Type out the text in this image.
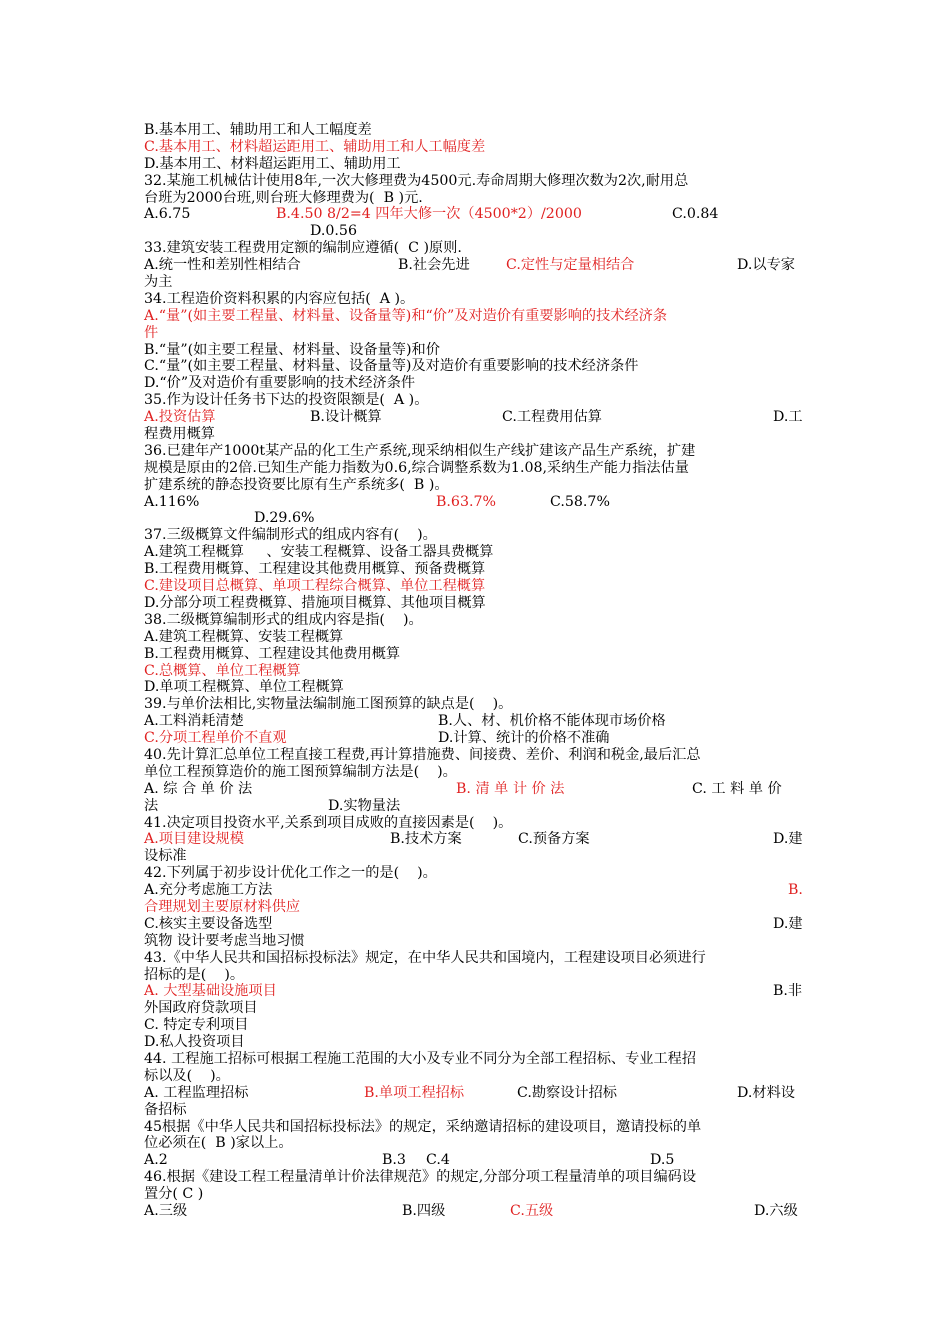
B.基本用工、辅助用工和人工幅度差
C.基本用工、材料超运距用工、辅助用工和人工幅度差
D.基本用工、材料超运距用工、辅助用工
32.某施工机械估计使用8年,一次大修理费为4500元.寿命周期大修理次数为2次,耐用总
台班为2000台班,则台班大修理费为(  B )元.

A.6.75

	B.4.50 8/2=4 四年大修一次（4500*2）/2000

	C.0.84

D.0.56

33.建筑安装工程费用定额的编制应遵循(  C )原则.

A.统一性和差别性相结合

	B.社会先进

	C.定性与定量相结合

	D.以专家

为主
34.工程造价资料积累的内容应包括(  A )。
A.“量”(如主要工程量、材料量、设备量等)和“价”及对造价有重要影响的技术经济条
件
B.“量”(如主要工程量、材料量、设备量等)和价
C.“量”(如主要工程量、材料量、设备量等)及对造价有重要影响的技术经济条件
D.“价”及对造价有重要影响的技术经济条件
35.作为设计任务书下达的投资限额是(  A )。

A.投资估算

	B.设计概算

	C.工程费用估算

	D.工

程费用概算
36.已建年产1000t某产品的化工生产系统,现采纳相似生产线扩建该产品生产系统，扩建
规模是原由的2倍.已知生产能力指数为0.6,综合调整系数为1.08,采纳生产能力指法估量
扩建系统的静态投资要比原有生产系统多(  B )。

A.116%

	B.63.7%

	C.58.7%

D.29.6%

37.三级概算文件编制形式的组成内容有(    )。
A.建筑工程概算     、安装工程概算、设备工器具费概算
B.工程费用概算、工程建设其他费用概算、预备费概算
C.建设项目总概算、单项工程综合概算、单位工程概算
D.分部分项工程费概算、措施项目概算、其他项目概算
38.二级概算编制形式的组成内容是指(    )。
A.建筑工程概算、安装工程概算
B.工程费用概算、工程建设其他费用概算
C.总概算、单位工程概算
D.单项工程概算、单位工程概算
39.与单价法相比,实物量法编制施工图预算的缺点是(    )。

A.工料消耗清楚

	B.人、材、机价格不能体现市场价格

C.分项工程单价不直观

	D.计算、统计的价格不准确

40.先计算汇总单位工程直接工程费,再计算措施费、间接费、差价、利润和税金,最后汇总
单位工程预算造价的施工图预算编制方法是(    )。

A. 综 合 单 价 法

	B. 清 单 计 价 法

	C. 工 料 单 价

法

	D.实物量法

41.决定项目投资水平,关系到项目成败的直接因素是(    )。

A.项目建设规模

	B.技术方案

	C.预备方案

	D.建

设标准
42.下列属于初步设计优化工作之一的是(    )。

A.充分考虑施工方法

	B.

合理规划主要原材料供应

C.核实主要设备选型

	D.建

筑物 设计要考虑当地习惯
43.《中华人民共和国招标投标法》规定，在中华人民共和国境内，工程建设项目必须进行
招标的是(    )。

A. 大型基础设施项目

	B.非

外国政府贷款项目
C. 特定专利项目
D.私人投资项目
44. 工程施工招标可根据工程施工范围的大小及专业不同分为全部工程招标、专业工程招
标以及(    )。

A. 工程监理招标

	B.单项工程招标

	C.勘察设计招标

	D.材料设

备招标
45根据《中华人民共和国招标投标法》的规定，采纳邀请招标的建设项目，邀请投标的单
位必须在(  B )家以上。

A.2

	B.3

C.4

	D.5

46.根据《建设工程工程量清单计价法律规范》的规定,分部分项工程量清单的项目编码设
置分( C )

A.三级

	B.四级

	C.五级

	D.六级
